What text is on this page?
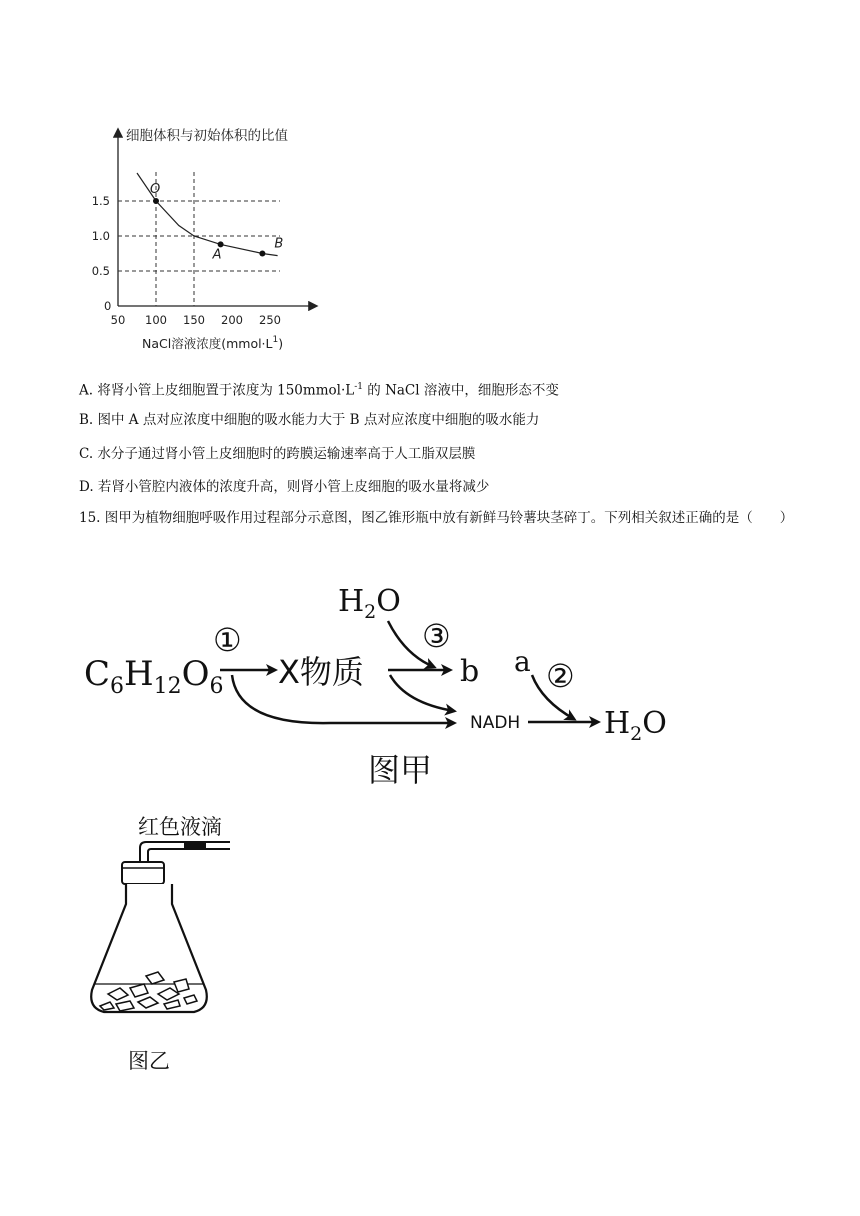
细胞体积与初始体积的比值
0
50 100 150 200 250
0.5
1.0
1.5
O
A
B
NaCl溶液浓度$(mmol\cdot L^1)$
A. 将肾小管上皮细胞置于浓度为 $150mmol\cdot L^{-1}$ 的 NaCl 溶液中，细胞形态不变
B. 图中 A 点对应浓度中细胞的吸水能力大于 B 点对应浓度中细胞的吸水能力
C. 水分子通过肾小管上皮细胞时的跨膜运输速率高于人工脂双层膜
D. 若肾小管腔内液体的浓度升高，则肾小管上皮细胞的吸水量将减少
15. 图甲为植物细胞呼吸作用过程部分示意图，图乙锥形瓶中放有新鲜马铃薯块茎碎丁。下列相关叙述正确的是（　　）
$C_6H_{12}O_6$
①
X物质
$H_2O$
③
b
NADH
a ②
$H_2O$
图甲
红色液滴
图乙
